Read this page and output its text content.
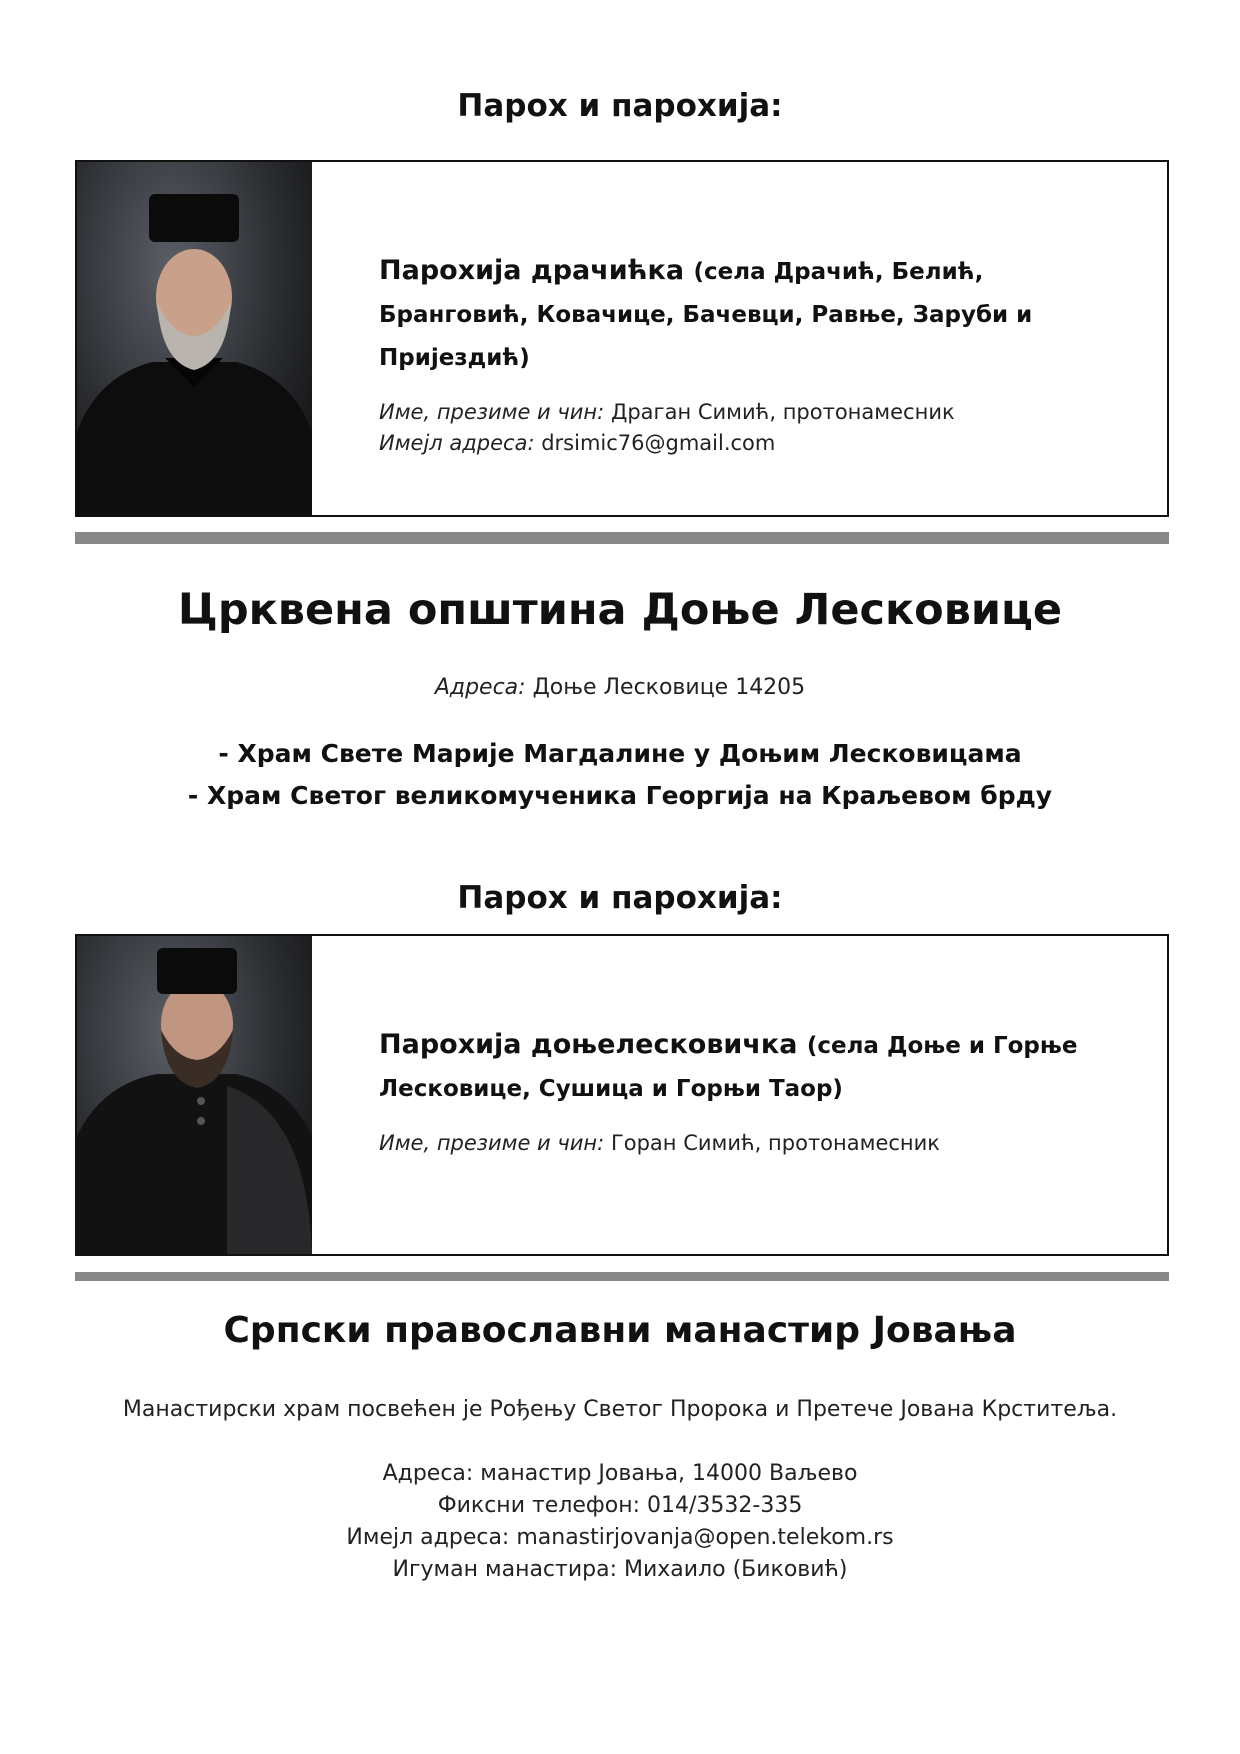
Парох и парохија:
Парохија драчићка (села Драчић, Белић, Бранговић, Ковачице, Бачевци, Равње, Заруби и Пријездић)
Име, презиме и чин: Драган Симић, протонамесник
Имејл адреса: drsimic76@gmail.com
Црквена општина Доње Лесковице
Адреса: Доње Лесковице 14205
- Храм Свете Марије Магдалине у Доњим Лесковицама
- Храм Светог великомученика Георгија на Краљевом брду
Парох и парохија:
Парохија доњелесковичка (села Доње и Горње Лесковице, Сушица и Горњи Таор)
Име, презиме и чин: Горан Симић, протонамесник
Српски православни манастир Јовања
Манастирски храм посвећен је Рођењу Светог Пророка и Претече Јована Крститеља.
Адреса: манастир Јовања, 14000 Ваљево
Фиксни телефон: 014/3532-335
Имејл адреса: manastirjovanja@open.telekom.rs
Игуман манастира: Михаило (Биковић)
